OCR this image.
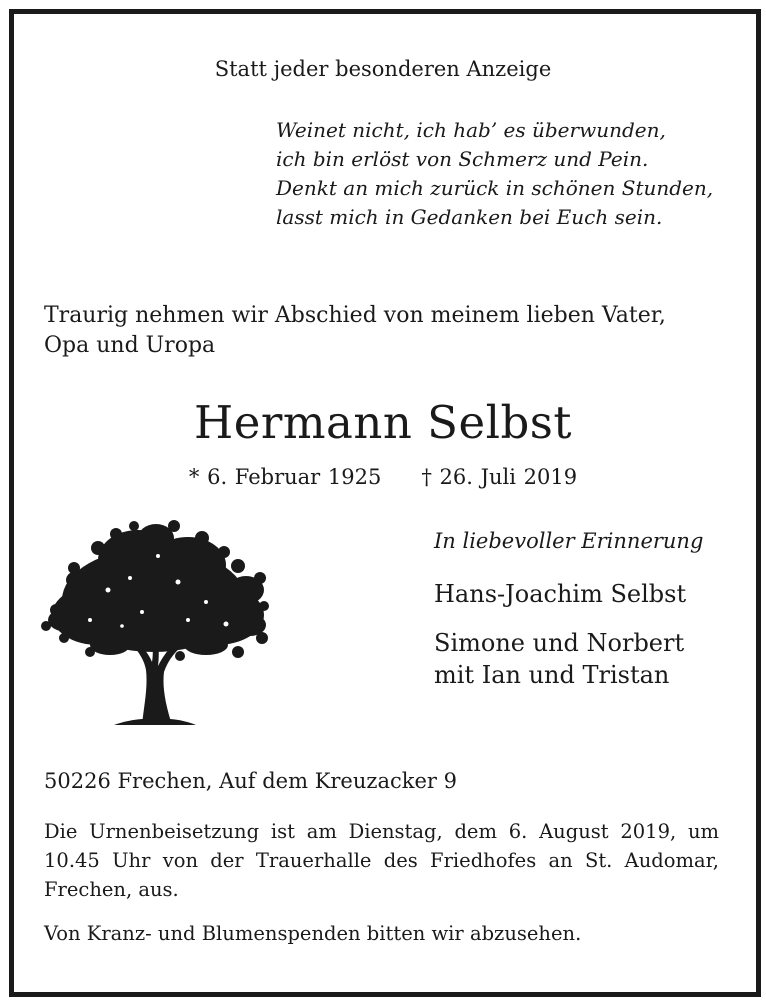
Statt jeder besonderen Anzeige
Weinet nicht, ich hab’ es überwunden,
ich bin erlöst von Schmerz und Pein.
Denkt an mich zurück in schönen Stunden,
lasst mich in Gedanken bei Euch sein.
Traurig nehmen wir Abschied von meinem lieben Vater,
Opa und Uropa
Hermann Selbst
* 6. Februar 1925 † 26. Juli 2019
In liebevoller Erinnerung
Hans-Joachim Selbst
Simone und Norbert
mit Ian und Tristan
50226 Frechen, Auf dem Kreuzacker 9
Die Urnenbeisetzung ist am Dienstag, dem 6. August 2019, um
10.45 Uhr von der Trauerhalle des Friedhofes an St. Audomar,
Frechen, aus.
Von Kranz- und Blumenspenden bitten wir abzusehen.
